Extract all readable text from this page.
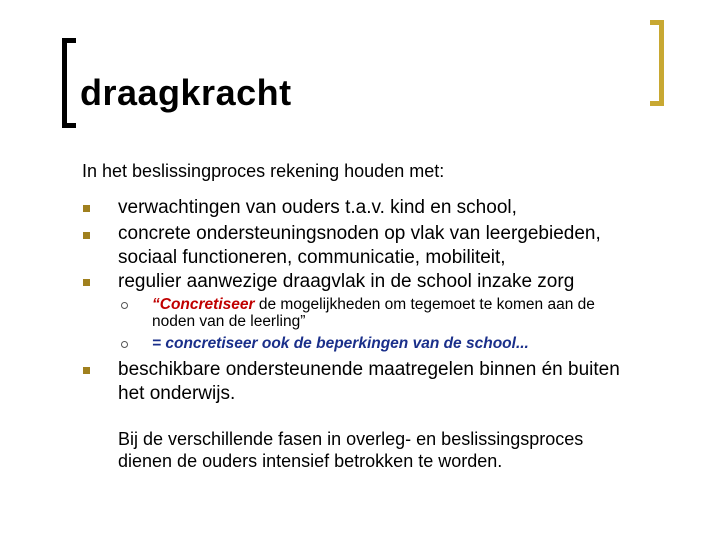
draagkracht
In het beslissingproces rekening houden met:
verwachtingen van ouders t.a.v. kind en school,
concrete ondersteuningsnoden op vlak van leergebieden,
sociaal functioneren, communicatie, mobiliteit,
regulier aanwezige draagvlak in de school inzake zorg
“Concretiseer de mogelijkheden om tegemoet te komen aan de
noden van de leerling”
= concretiseer ook de beperkingen van de school...
beschikbare ondersteunende maatregelen binnen én buiten
het onderwijs.
Bij de verschillende fasen in overleg- en beslissingsproces
dienen de ouders intensief betrokken te worden.
